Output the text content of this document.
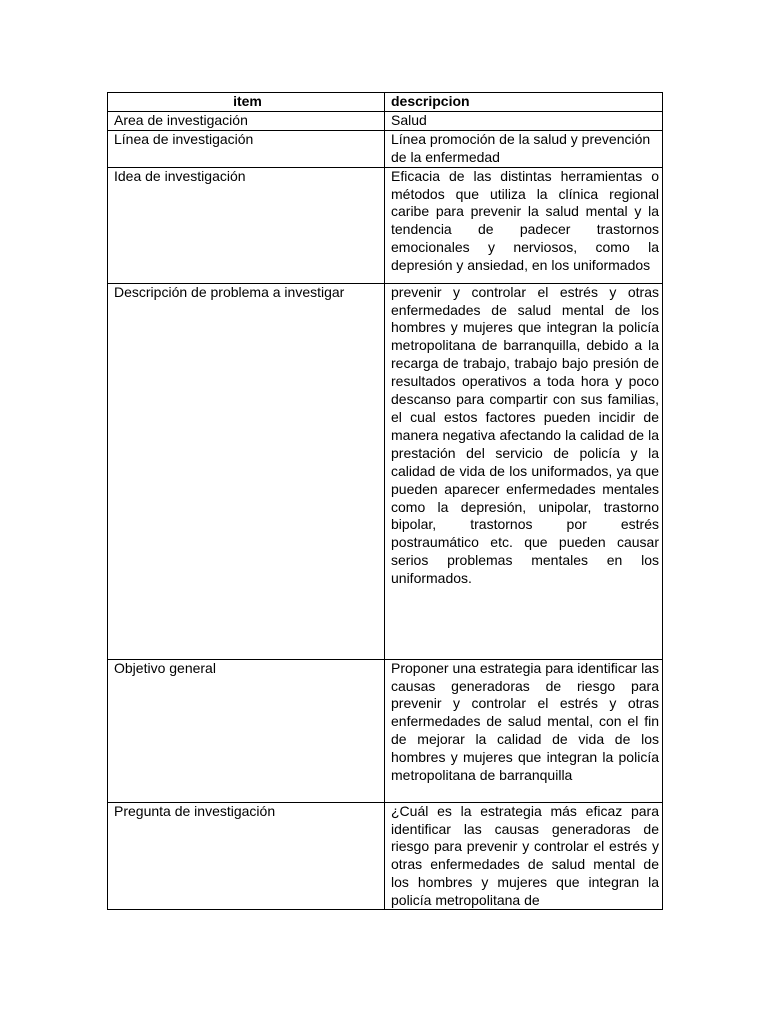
item	descripcion
Area de investigación	Salud
Línea de investigación	Línea promoción de la salud y prevención de la enfermedad
Idea de investigación	Eficacia de las distintas herramientas o métodos que utiliza la clínica regional caribe para prevenir la salud mental y la tendencia de padecer trastornos emocionales y nerviosos, como la depresión y ansiedad, en los uniformados
Descripción de problema a investigar	prevenir y controlar el estrés y otras enfermedades de salud mental de los hombres y mujeres que integran la policía metropolitana de barranquilla, debido a la recarga de trabajo, trabajo bajo presión de resultados operativos a toda hora y poco descanso para compartir con sus familias, el cual estos factores pueden incidir de manera negativa afectando la calidad de la prestación del servicio de policía y la calidad de vida de los uniformados, ya que pueden aparecer enfermedades mentales como la depresión, unipolar, trastorno bipolar, trastornos por estrés postraumático etc. que pueden causar serios problemas mentales en los uniformados.
Objetivo general	Proponer una estrategia para identificar las causas generadoras de riesgo para prevenir y controlar el estrés y otras enfermedades de salud mental, con el fin de mejorar la calidad de vida de los hombres y mujeres que integran la policía metropolitana de barranquilla
Pregunta de investigación	¿Cuál es la estrategia más eficaz para identificar las causas generadoras de riesgo para prevenir y controlar el estrés y otras enfermedades de salud mental de los hombres y mujeres que integran la policía metropolitana de
